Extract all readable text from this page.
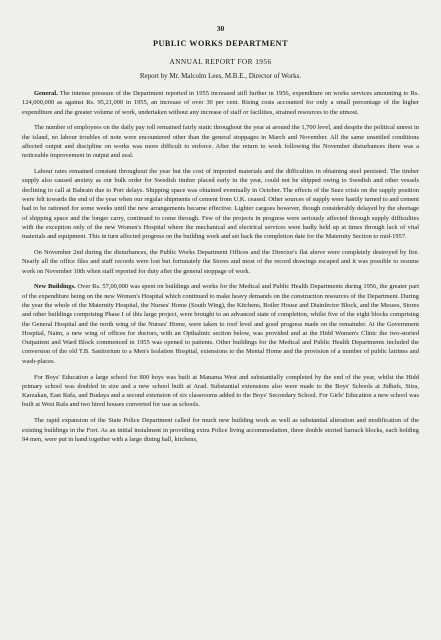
30
PUBLIC WORKS DEPARTMENT
ANNUAL REPORT FOR 1956
Report by Mr. Malcolm Lees, M.B.E., Director of Works.

General. The intense pressure of the Department reported in 1955 increased still further in 1956, expenditure on works services amounting to Rs. 124,000,000 as against Rs. 95,21,000 in 1955, an increase of over 30 per cent. Rising costs accounted for only a small percentage of the higher expenditure and the greater volume of work, undertaken without any increase of staff or facilities, strained resources to the utmost.

The number of employees on the daily pay roll remained fairly static throughout the year at around the 1,700 level, and despite the political unrest in the island, no labour troubles of note were encountered other than the general stoppages in March and November. All the same unsettled conditions affected output and discipline on works was more difficult to enforce. After the return to work following the November disturbances there was a noticeable improvement in output and zeal.

Labour rates remained constant throughout the year but the cost of imported materials and the difficulties in obtaining steel persisted. The timber supply also caused anxiety as our bulk order for Swedish timber placed early in the year, could not be shipped owing to Swedish and other vessels declining to call at Bahrain due to Port delays. Shipping space was obtained eventually in October. The effects of the Suez crisis on the supply position were felt towards the end of the year when our regular shipments of cement from U.K. ceased. Other sources of supply were hastily turned to and cement had to be rationed for some weeks until the new arrangements became effective. Lighter cargoes however, though considerably delayed by the shortage of shipping space and the longer carry, continued to come through. Few of the projects in progress were seriously affected through supply difficulties with the exception only of the new Women's Hospital where the mechanical and electrical services were badly held up at times through lack of vital materials and equipment. This in turn affected progress on the building work and set back the completion date for the Maternity Section to mid-1957.

On November 2nd during the disturbances, the Public Works Department Offices and the Director's flat above were completely destroyed by fire. Nearly all the office files and staff records were lost but fortunately the Stores and most of the record drawings escaped and it was possible to resume work on November 10th when staff reported for duty after the general stoppage of work.

New Buildings. Over Rs. 57,00,000 was spent on buildings and works for the Medical and Public Health Departments during 1956, the greater part of the expenditure being on the new Women's Hospital which continued to make heavy demands on the construction resources of the Department. During the year the whole of the Maternity Hospital, the Nurses' Home (South Wing), the Kitchens, Boiler House and Disinfector Block, and the Messes, Stores and other buildings comprising Phase I of this large project, were brought to an advanced state of completion, whilst five of the eight blocks comprising the General Hospital and the north wing of the Nurses' Home, were taken to roof level and good progress made on the remainder. At the Government Hospital, Naim, a new wing of offices for doctors, with an Opthalmic section below, was provided and at the Hidd Women's Clinic the two-storied Outpatient and Ward Block commenced in 1955 was opened to patients. Other buildings for the Medical and Public Health Departments included the conversion of the old T.B. Sanitorium to a Men's Isolation Hospital, extensions to the Mental Home and the provision of a number of public latrines and wash-places.

For Boys' Education a large school for 800 boys was built at Manama West and substantially completed by the end of the year, whilst the Hidd primary school was doubled in size and a new school built at Arad. Substantial extensions also were made to the Boys' Schools at Jidhafs, Sitra, Karzakan, East Rafa, and Budaya and a second extension of six classrooms added to the Boys' Secondary School. For Girls' Education a new school was built at West Rafa and two hired houses converted for use as schools.

The rapid expansion of the State Police Department called for much new building work as well as substantial alteration and modification of the existing buildings in the Fort. As an initial instalment in providing extra Police living accommodation, three double storied barrack blocks, each holding 94 men, were put in hand together with a large dining hall, kitchens,
